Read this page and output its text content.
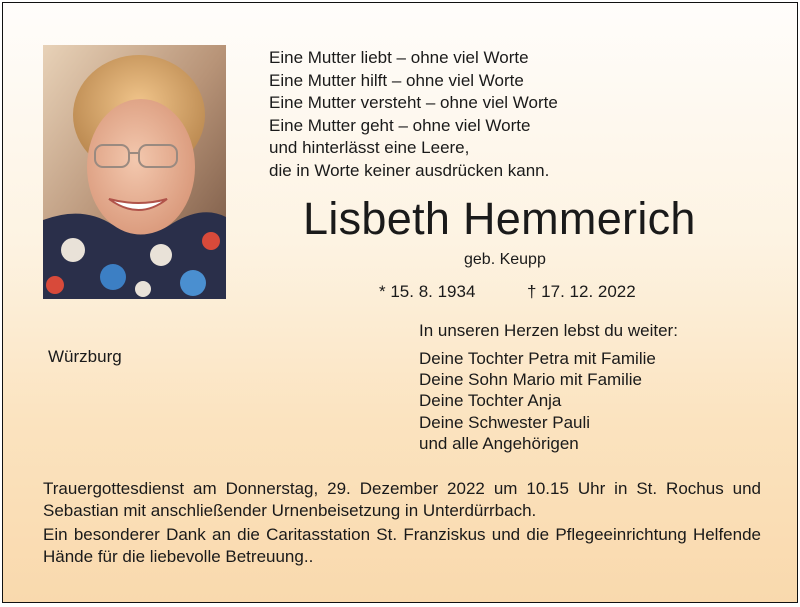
Eine Mutter liebt – ohne viel Worte
Eine Mutter hilft – ohne viel Worte
Eine Mutter versteht – ohne viel Worte
Eine Mutter geht – ohne viel Worte
und hinterlässt eine Leere,
die in Worte keiner ausdrücken kann.
Lisbeth Hemmerich
geb. Keupp
* 15. 8. 1934	† 17. 12. 2022
In unseren Herzen lebst du weiter:
Würzburg	Deine Tochter Petra mit Familie
Deine Sohn Mario mit Familie
Deine Tochter Anja
Deine Schwester Pauli
und alle Angehörigen
Trauergottesdienst am Donnerstag, 29. Dezember 2022 um 10.15 Uhr in St. Rochus und Sebastian mit anschließender Urnenbeisetzung in Unterdürrbach.
Ein besonderer Dank an die Caritasstation St. Franziskus und die Pflegeeinrichtung Helfende Hände für die liebevolle Betreuung..
